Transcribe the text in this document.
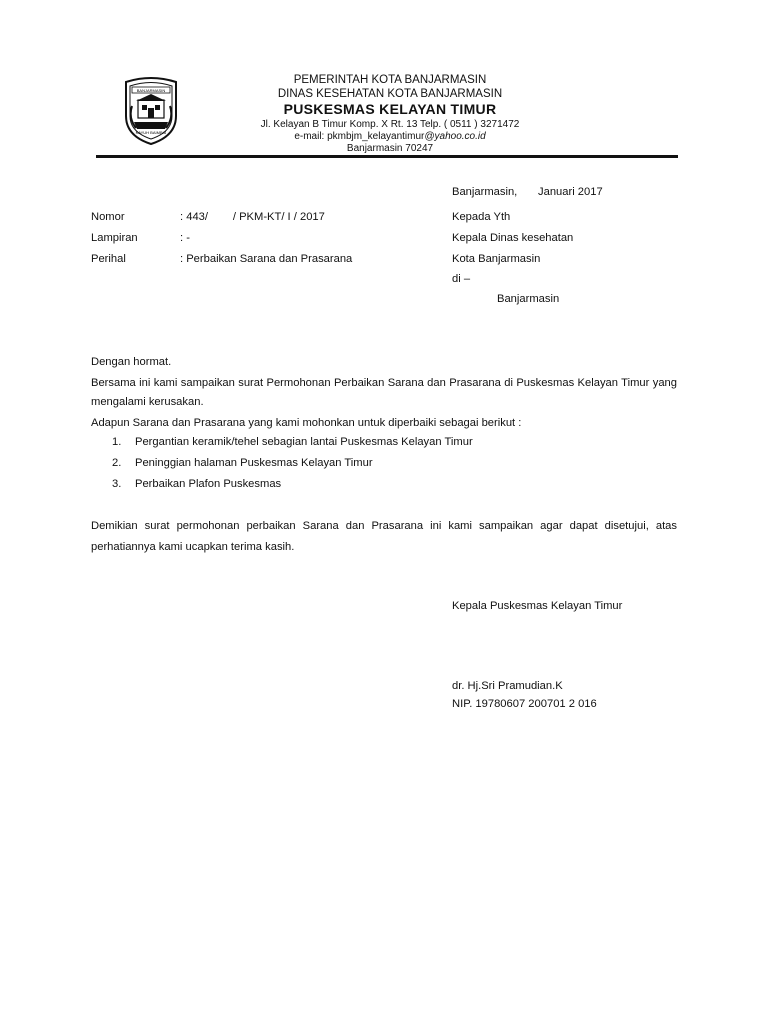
BANJARMASIN
KAYUH BAIMBAI
PEMERINTAH KOTA BANJARMASIN
DINAS KESEHATAN KOTA BANJARMASIN
PUSKESMAS KELAYAN TIMUR
Jl. Kelayan B Timur Komp. X Rt. 13 Telp. ( 0511 ) 3271472
e-mail: pkmbjm_kelayantimur@yahoo.co.id
Banjarmasin 70247
Banjarmasin, Januari 2017
Nomor	: 443/        / PKM-KT/ I / 2017
Lampiran	: -
Perihal	: Perbaikan Sarana dan Prasarana
Kepada Yth
Kepala Dinas kesehatan
Kota Banjarmasin
di –
Banjarmasin
Dengan hormat.
Bersama ini kami sampaikan surat Permohonan Perbaikan Sarana dan Prasarana di Puskesmas Kelayan Timur yang mengalami kerusakan.
Adapun Sarana dan Prasarana yang kami mohonkan untuk diperbaiki sebagai berikut :
1. Pergantian keramik/tehel sebagian lantai Puskesmas Kelayan Timur
2. Peninggian halaman Puskesmas Kelayan Timur
3. Perbaikan Plafon Puskesmas
Demikian surat permohonan perbaikan Sarana dan Prasarana ini kami sampaikan agar dapat disetujui, atas perhatiannya kami ucapkan terima kasih.
Kepala Puskesmas Kelayan Timur
dr. Hj.Sri Pramudian.K
NIP. 19780607 200701 2 016
